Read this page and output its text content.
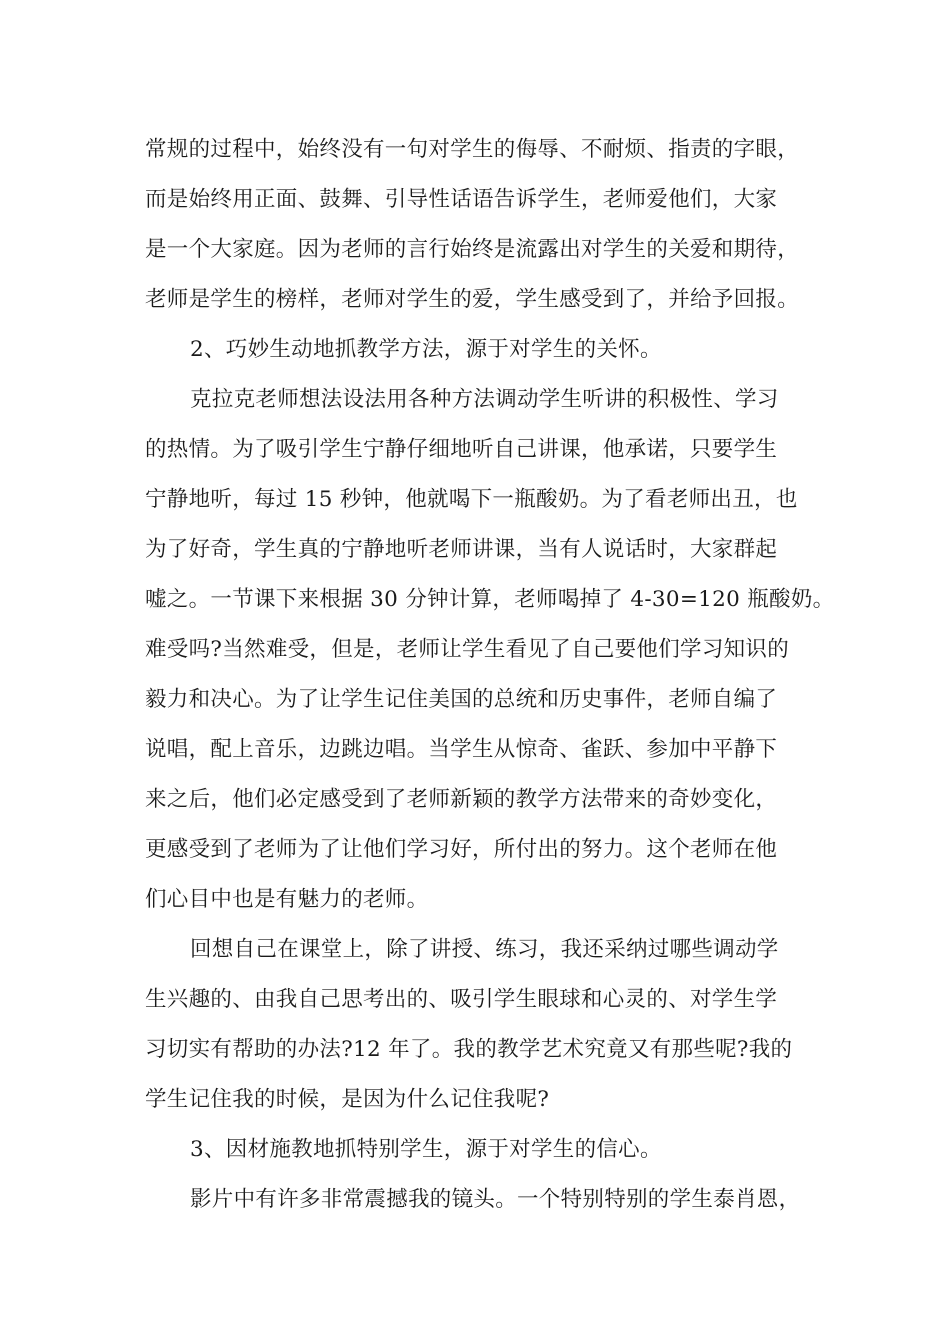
常规的过程中，始终没有一句对学生的侮辱、不耐烦、指责的字眼，
而是始终用正面、鼓舞、引导性话语告诉学生，老师爱他们，大家
是一个大家庭。因为老师的言行始终是流露出对学生的关爱和期待，
老师是学生的榜样，老师对学生的爱，学生感受到了，并给予回报。
2、巧妙生动地抓教学方法，源于对学生的关怀。
克拉克老师想法设法用各种方法调动学生听讲的积极性、学习
的热情。为了吸引学生宁静仔细地听自己讲课，他承诺，只要学生
宁静地听，每过 15 秒钟，他就喝下一瓶酸奶。为了看老师出丑，也
为了好奇，学生真的宁静地听老师讲课，当有人说话时，大家群起
嘘之。一节课下来根据 30 分钟计算，老师喝掉了 4-30=120 瓶酸奶。
难受吗?当然难受，但是，老师让学生看见了自己要他们学习知识的
毅力和决心。为了让学生记住美国的总统和历史事件，老师自编了
说唱，配上音乐，边跳边唱。当学生从惊奇、雀跃、参加中平静下
来之后，他们必定感受到了老师新颖的教学方法带来的奇妙变化，
更感受到了老师为了让他们学习好，所付出的努力。这个老师在他
们心目中也是有魅力的老师。
回想自己在课堂上，除了讲授、练习，我还采纳过哪些调动学
生兴趣的、由我自己思考出的、吸引学生眼球和心灵的、对学生学
习切实有帮助的办法?12 年了。我的教学艺术究竟又有那些呢?我的
学生记住我的时候，是因为什么记住我呢?
3、因材施教地抓特别学生，源于对学生的信心。
影片中有许多非常震撼我的镜头。一个特别特别的学生泰肖恩，
